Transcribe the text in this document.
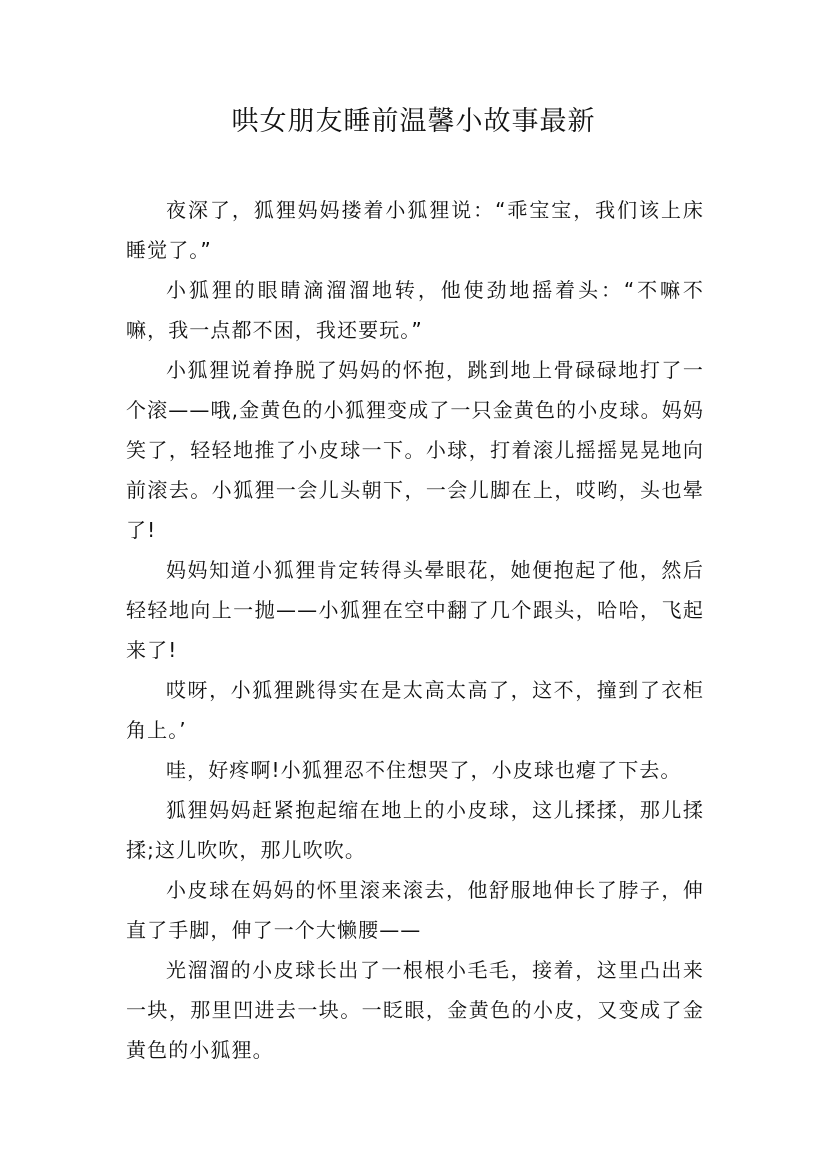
哄女朋友睡前温馨小故事最新

夜深了，狐狸妈妈搂着小狐狸说：“乖宝宝，我们该上床睡觉了。”

小狐狸的眼睛滴溜溜地转，他使劲地摇着头：“不嘛不嘛，我一点都不困，我还要玩。”

小狐狸说着挣脱了妈妈的怀抱，跳到地上骨碌碌地打了一个滚——哦,金黄色的小狐狸变成了一只金黄色的小皮球。妈妈笑了，轻轻地推了小皮球一下。小球，打着滚儿摇摇晃晃地向前滚去。小狐狸一会儿头朝下，一会儿脚在上，哎哟，头也晕了!

妈妈知道小狐狸肯定转得头晕眼花，她便抱起了他，然后轻轻地向上一抛——小狐狸在空中翻了几个跟头，哈哈，飞起来了!

哎呀，小狐狸跳得实在是太高太高了，这不，撞到了衣柜角上。’

哇，好疼啊!小狐狸忍不住想哭了，小皮球也瘪了下去。

狐狸妈妈赶紧抱起缩在地上的小皮球，这儿揉揉，那儿揉揉;这儿吹吹，那儿吹吹。

小皮球在妈妈的怀里滚来滚去，他舒服地伸长了脖子，伸直了手脚，伸了一个大懒腰——

光溜溜的小皮球长出了一根根小毛毛，接着，这里凸出来一块，那里凹进去一块。一眨眼，金黄色的小皮，又变成了金黄色的小狐狸。
